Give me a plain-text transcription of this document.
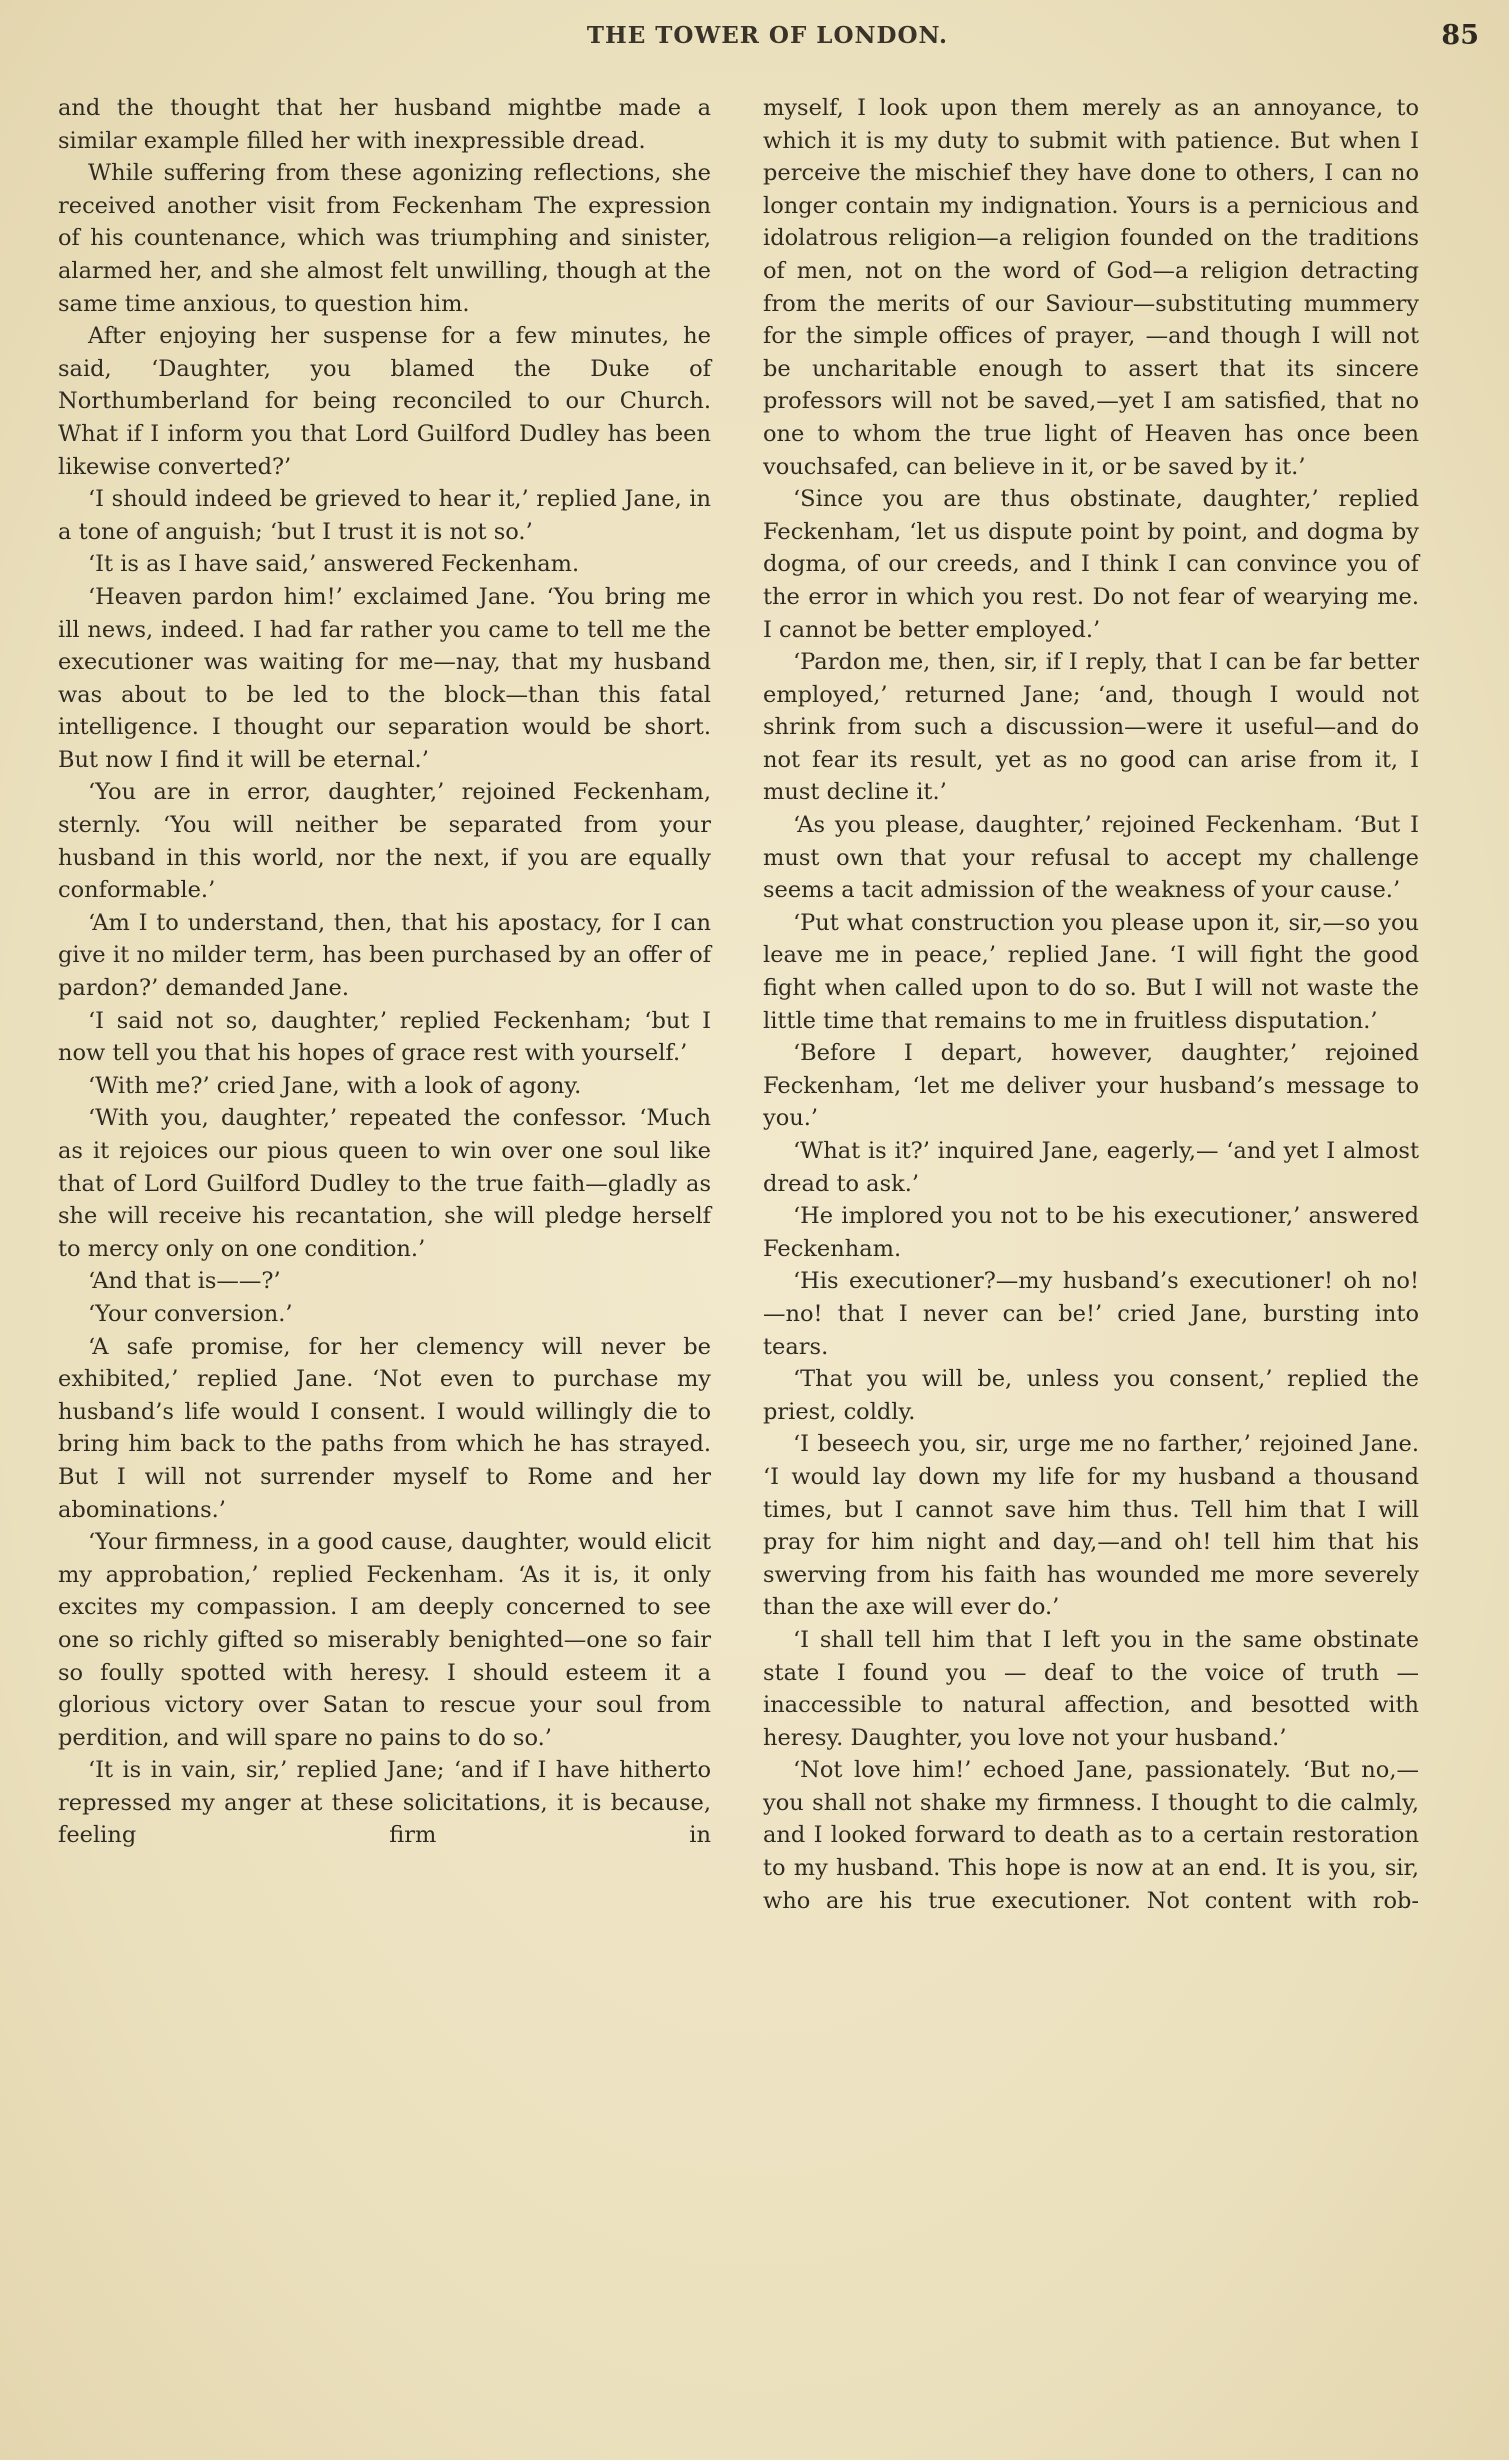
THE TOWER OF LONDON.	85

and the thought that her husband mightbe made a similar example filled her with inexpressible dread.

While suffering from these agonizing reflections, she received another visit from Feckenham The expression of his countenance, which was triumphing and sinister, alarmed her, and she almost felt unwilling, though at the same time anxious, to question him.

After enjoying her suspense for a few minutes, he said, ‘Daughter, you blamed the Duke of Northumberland for being reconciled to our Church. What if I inform you that Lord Guilford Dudley has been likewise converted?’

‘I should indeed be grieved to hear it,’ replied Jane, in a tone of anguish; ‘but I trust it is not so.’

‘It is as I have said,’ answered Feckenham.

‘Heaven pardon him!’ exclaimed Jane. ‘You bring me ill news, indeed. I had far rather you came to tell me the executioner was waiting for me—nay, that my husband was about to be led to the block—than this fatal intelligence. I thought our separation would be short. But now I find it will be eternal.’

‘You are in error, daughter,’ rejoined Feckenham, sternly. ‘You will neither be separated from your husband in this world, nor the next, if you are equally conformable.’

‘Am I to understand, then, that his apostacy, for I can give it no milder term, has been purchased by an offer of pardon?’ demanded Jane.

‘I said not so, daughter,’ replied Feckenham; ‘but I now tell you that his hopes of grace rest with yourself.’

‘With me?’ cried Jane, with a look of agony.

‘With you, daughter,’ repeated the confessor. ‘Much as it rejoices our pious queen to win over one soul like that of Lord Guilford Dudley to the true faith—gladly as she will receive his recantation, she will pledge herself to mercy only on one condition.’

‘And that is——?’

‘Your conversion.’

‘A safe promise, for her clemency will never be exhibited,’ replied Jane. ‘Not even to purchase my husband’s life would I consent. I would willingly die to bring him back to the paths from which he has strayed. But I will not surrender myself to Rome and her abominations.’

‘Your firmness, in a good cause, daughter, would elicit my approbation,’ replied Feckenham. ‘As it is, it only excites my compassion. I am deeply concerned to see one so richly gifted so miserably benighted—one so fair so foully spotted with heresy. I should esteem it a glorious victory over Satan to rescue your soul from perdition, and will spare no pains to do so.’

‘It is in vain, sir,’ replied Jane; ‘and if I have hitherto repressed my anger at these solicitations, it is because, feeling firm in

myself, I look upon them merely as an annoyance, to which it is my duty to submit with patience. But when I perceive the mischief they have done to others, I can no longer contain my indignation. Yours is a pernicious and idolatrous religion—a religion founded on the traditions of men, not on the word of God—a religion detracting from the merits of our Saviour—substituting mummery for the simple offices of prayer, —and though I will not be uncharitable enough to assert that its sincere professors will not be saved,—yet I am satisfied, that no one to whom the true light of Heaven has once been vouchsafed, can believe in it, or be saved by it.’

‘Since you are thus obstinate, daughter,’ replied Feckenham, ‘let us dispute point by point, and dogma by dogma, of our creeds, and I think I can convince you of the error in which you rest. Do not fear of wearying me. I cannot be better employed.’

‘Pardon me, then, sir, if I reply, that I can be far better employed,’ returned Jane; ‘and, though I would not shrink from such a discussion—were it useful—and do not fear its result, yet as no good can arise from it, I must decline it.’

‘As you please, daughter,’ rejoined Feckenham. ‘But I must own that your refusal to accept my challenge seems a tacit admission of the weakness of your cause.’

‘Put what construction you please upon it, sir,—so you leave me in peace,’ replied Jane. ‘I will fight the good fight when called upon to do so. But I will not waste the little time that remains to me in fruitless disputation.’

‘Before I depart, however, daughter,’ rejoined Feckenham, ‘let me deliver your husband’s message to you.’

‘What is it?’ inquired Jane, eagerly,— ‘and yet I almost dread to ask.’

‘He implored you not to be his executioner,’ answered Feckenham.

‘His executioner?—my husband’s executioner! oh no!—no! that I never can be!’ cried Jane, bursting into tears.

‘That you will be, unless you consent,’ replied the priest, coldly.

‘I beseech you, sir, urge me no farther,’ rejoined Jane. ‘I would lay down my life for my husband a thousand times, but I cannot save him thus. Tell him that I will pray for him night and day,—and oh! tell him that his swerving from his faith has wounded me more severely than the axe will ever do.’

‘I shall tell him that I left you in the same obstinate state I found you — deaf to the voice of truth — inaccessible to natural affection, and besotted with heresy. Daughter, you love not your husband.’

‘Not love him!’ echoed Jane, passionately. ‘But no,—you shall not shake my firmness. I thought to die calmly, and I looked forward to death as to a certain restoration to my husband. This hope is now at an end. It is you, sir, who are his true executioner. Not content with rob-
